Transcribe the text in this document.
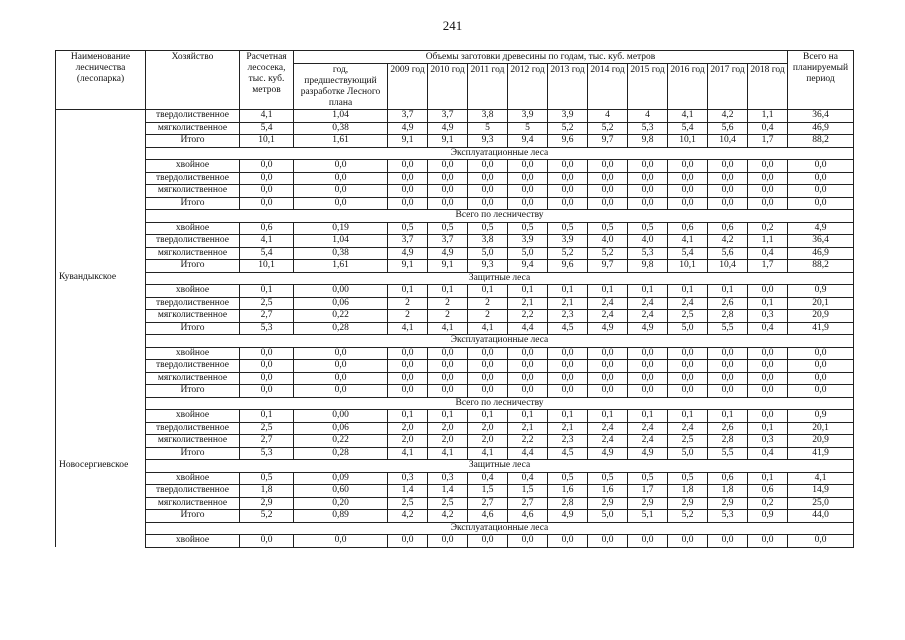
241
Наименование лесничества (лесопарка)	Хозяйство	Расчетная лесосека, тыс. куб. метров	Объемы заготовки древесины по годам, тыс. куб. метров											Всего на планируемый период
			год, предшествующий разработке Лесного плана	2009 год	2010 год	2011 год	2012 год	2013 год	2014 год	2015 год	2016 год	2017 год	2018 год	
	твердолиственное	4,1	1,04	3,7	3,7	3,8	3,9	3,9	4	4	4,1	4,2	1,1	36,4
	мягколиственное	5,4	0,38	4,9	4,9	5	5	5,2	5,2	5,3	5,4	5,6	0,4	46,9
	Итого	10,1	1,61	9,1	9,1	9,3	9,4	9,6	9,7	9,8	10,1	10,4	1,7	88,2
	Эксплуатационные леса													
	хвойное	0,0	0,0	0,0	0,0	0,0	0,0	0,0	0,0	0,0	0,0	0,0	0,0	0,0
	твердолиственное	0,0	0,0	0,0	0,0	0,0	0,0	0,0	0,0	0,0	0,0	0,0	0,0	0,0
	мягколиственное	0,0	0,0	0,0	0,0	0,0	0,0	0,0	0,0	0,0	0,0	0,0	0,0	0,0
	Итого	0,0	0,0	0,0	0,0	0,0	0,0	0,0	0,0	0,0	0,0	0,0	0,0	0,0
	Всего по лесничеству													
	хвойное	0,6	0,19	0,5	0,5	0,5	0,5	0,5	0,5	0,5	0,6	0,6	0,2	4,9
	твердолиственное	4,1	1,04	3,7	3,7	3,8	3,9	3,9	4,0	4,0	4,1	4,2	1,1	36,4
	мягколиственное	5,4	0,38	4,9	4,9	5,0	5,0	5,2	5,2	5,3	5,4	5,6	0,4	46,9
	Итого	10,1	1,61	9,1	9,1	9,3	9,4	9,6	9,7	9,8	10,1	10,4	1,7	88,2
Кувандыкское	Защитные леса													
	хвойное	0,1	0,00	0,1	0,1	0,1	0,1	0,1	0,1	0,1	0,1	0,1	0,0	0,9
	твердолиственное	2,5	0,06	2	2	2	2,1	2,1	2,4	2,4	2,4	2,6	0,1	20,1
	мягколиственное	2,7	0,22	2	2	2	2,2	2,3	2,4	2,4	2,5	2,8	0,3	20,9
	Итого	5,3	0,28	4,1	4,1	4,1	4,4	4,5	4,9	4,9	5,0	5,5	0,4	41,9
	Эксплуатационные леса													
	хвойное	0,0	0,0	0,0	0,0	0,0	0,0	0,0	0,0	0,0	0,0	0,0	0,0	0,0
	твердолиственное	0,0	0,0	0,0	0,0	0,0	0,0	0,0	0,0	0,0	0,0	0,0	0,0	0,0
	мягколиственное	0,0	0,0	0,0	0,0	0,0	0,0	0,0	0,0	0,0	0,0	0,0	0,0	0,0
	Итого	0,0	0,0	0,0	0,0	0,0	0,0	0,0	0,0	0,0	0,0	0,0	0,0	0,0
	Всего по лесничеству													
	хвойное	0,1	0,00	0,1	0,1	0,1	0,1	0,1	0,1	0,1	0,1	0,1	0,0	0,9
	твердолиственное	2,5	0,06	2,0	2,0	2,0	2,1	2,1	2,4	2,4	2,4	2,6	0,1	20,1
	мягколиственное	2,7	0,22	2,0	2,0	2,0	2,2	2,3	2,4	2,4	2,5	2,8	0,3	20,9
	Итого	5,3	0,28	4,1	4,1	4,1	4,4	4,5	4,9	4,9	5,0	5,5	0,4	41,9
Новосергиевское	Защитные леса													
	хвойное	0,5	0,09	0,3	0,3	0,4	0,4	0,5	0,5	0,5	0,5	0,6	0,1	4,1
	твердолиственное	1,8	0,60	1,4	1,4	1,5	1,5	1,6	1,6	1,7	1,8	1,8	0,6	14,9
	мягколиственное	2,9	0,20	2,5	2,5	2,7	2,7	2,8	2,9	2,9	2,9	2,9	0,2	25,0
	Итого	5,2	0,89	4,2	4,2	4,6	4,6	4,9	5,0	5,1	5,2	5,3	0,9	44,0
	Эксплуатационные леса													
	хвойное	0,0	0,0	0,0	0,0	0,0	0,0	0,0	0,0	0,0	0,0	0,0	0,0	0,0
